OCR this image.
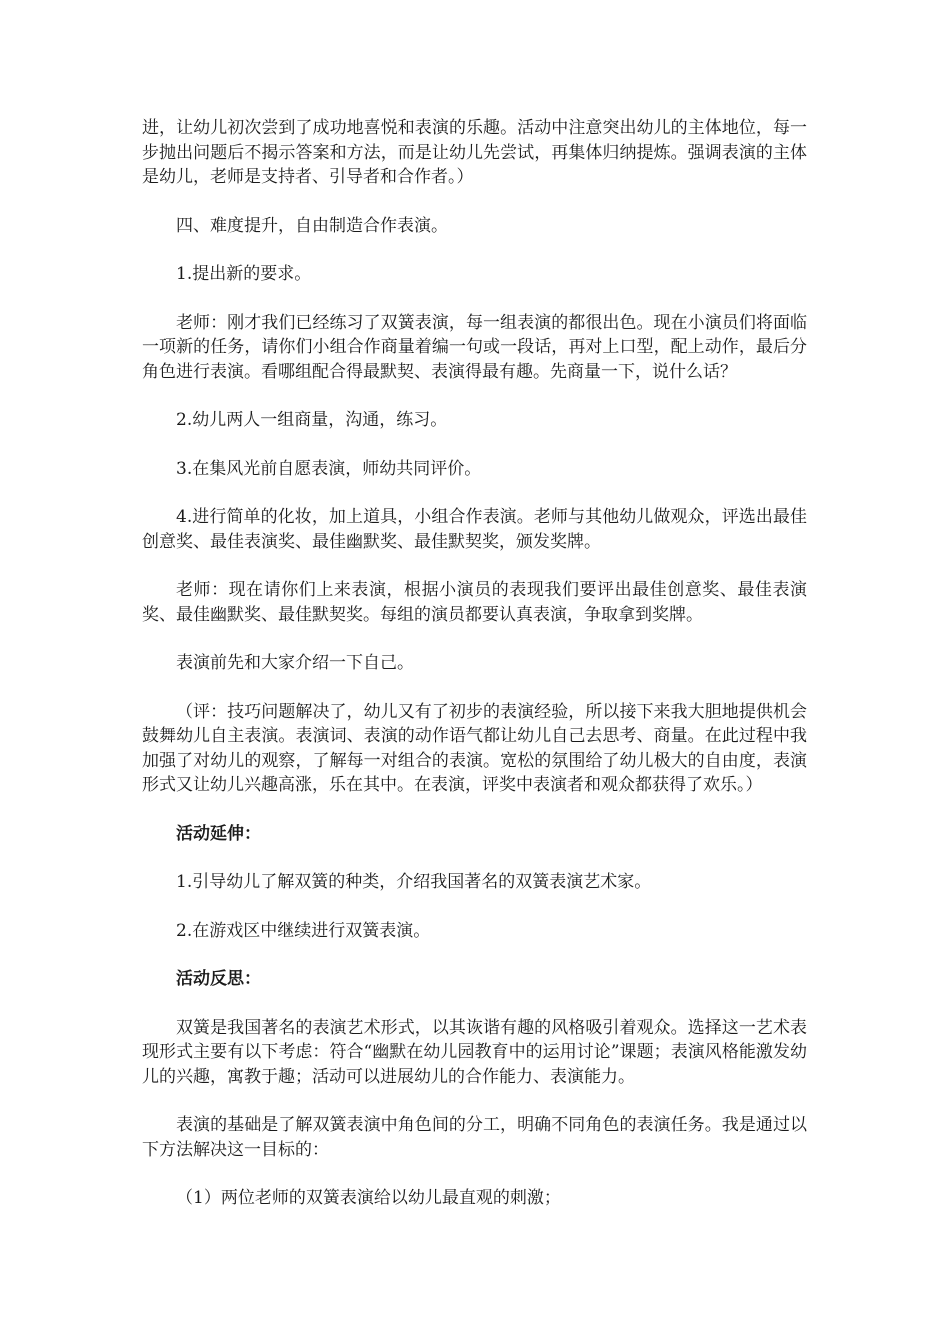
进，让幼儿初次尝到了成功地喜悦和表演的乐趣。活动中注意突出幼儿的主体地位，每一步抛出问题后不揭示答案和方法，而是让幼儿先尝试，再集体归纳提炼。强调表演的主体是幼儿，老师是支持者、引导者和合作者。）

四、难度提升，自由制造合作表演。

1.提出新的要求。

老师：刚才我们已经练习了双簧表演，每一组表演的都很出色。现在小演员们将面临一项新的任务，请你们小组合作商量着编一句或一段话，再对上口型，配上动作，最后分角色进行表演。看哪组配合得最默契、表演得最有趣。先商量一下，说什么话？

2.幼儿两人一组商量，沟通，练习。

3.在集风光前自愿表演，师幼共同评价。

4.进行简单的化妆，加上道具，小组合作表演。老师与其他幼儿做观众，评选出最佳创意奖、最佳表演奖、最佳幽默奖、最佳默契奖，颁发奖牌。

老师：现在请你们上来表演，根据小演员的表现我们要评出最佳创意奖、最佳表演奖、最佳幽默奖、最佳默契奖。每组的演员都要认真表演，争取拿到奖牌。

表演前先和大家介绍一下自己。

（评：技巧问题解决了，幼儿又有了初步的表演经验，所以接下来我大胆地提供机会鼓舞幼儿自主表演。表演词、表演的动作语气都让幼儿自己去思考、商量。在此过程中我加强了对幼儿的观察，了解每一对组合的表演。宽松的氛围给了幼儿极大的自由度，表演形式又让幼儿兴趣高涨，乐在其中。在表演，评奖中表演者和观众都获得了欢乐。）

活动延伸：

1.引导幼儿了解双簧的种类，介绍我国著名的双簧表演艺术家。

2.在游戏区中继续进行双簧表演。

活动反思：

双簧是我国著名的表演艺术形式，以其诙谐有趣的风格吸引着观众。选择这一艺术表现形式主要有以下考虑：符合“幽默在幼儿园教育中的运用讨论”课题；表演风格能激发幼儿的兴趣，寓教于趣；活动可以进展幼儿的合作能力、表演能力。

表演的基础是了解双簧表演中角色间的分工，明确不同角色的表演任务。我是通过以下方法解决这一目标的：

（1）两位老师的双簧表演给以幼儿最直观的刺激；
